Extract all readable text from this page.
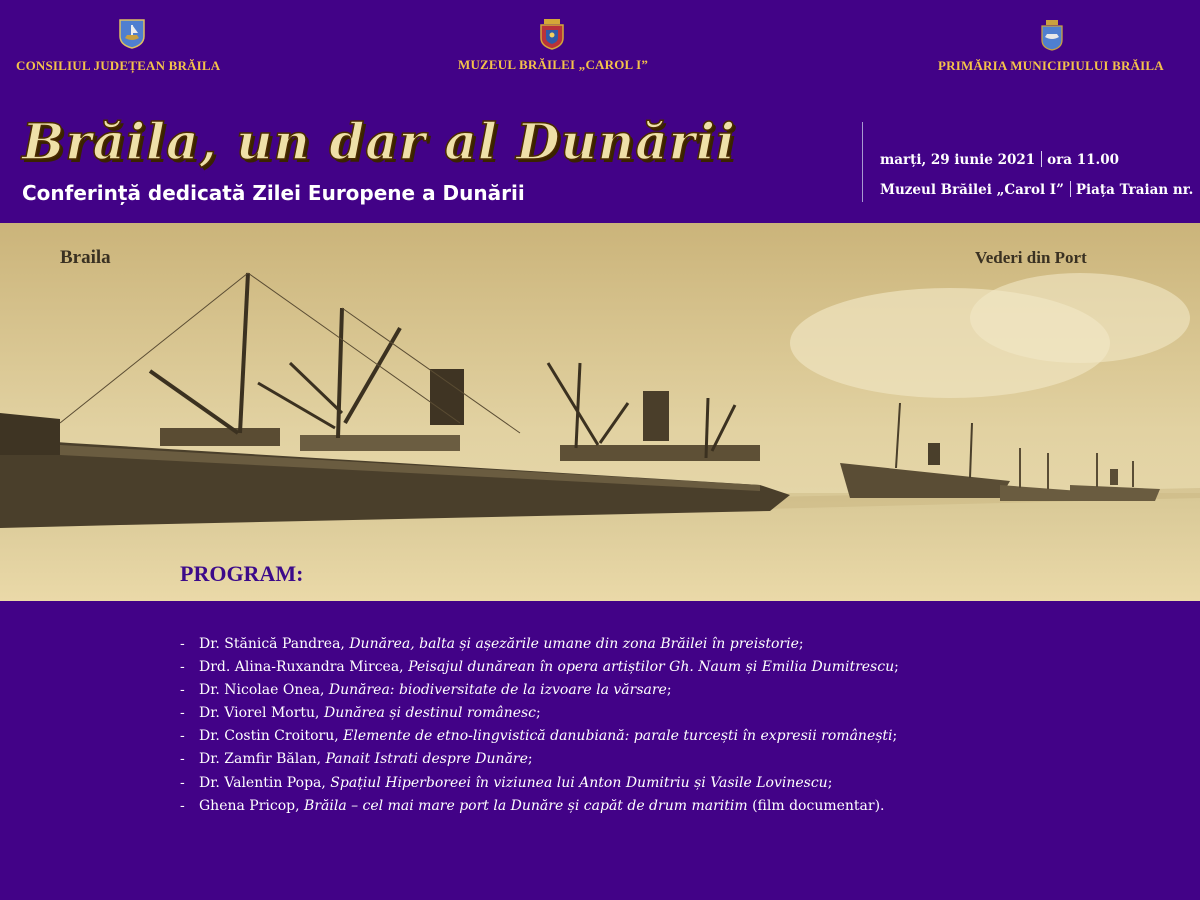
CONSILIUL JUDEȚEAN BRĂILA	MUZEUL BRĂILEI „CAROL I”	PRIMĂRIA MUNICIPIULUI BRĂILA
Brăila, un dar al Dunării
Conferință dedicată Zilei Europene a Dunării
marți, 29 iunie 2021 ora 11.00
Muzeul Brăilei „Carol I” Piața Traian nr.
Braila	Vederi din Port
PROGRAM:
- Dr. Stănică Pandrea, Dunărea, balta și așezările umane din zona Brăilei în preistorie;
- Drd. Alina-Ruxandra Mircea, Peisajul dunărean în opera artiștilor Gh. Naum și Emilia Dumitrescu;
- Dr. Nicolae Onea, Dunărea: biodiversitate de la izvoare la vărsare;
- Dr. Viorel Mortu, Dunărea și destinul românesc;
- Dr. Costin Croitoru, Elemente de etno-lingvistică danubiană: parale turcești în expresii românești;
- Dr. Zamfir Bălan, Panait Istrati despre Dunăre;
- Dr. Valentin Popa, Spațiul Hiperboreei în viziunea lui Anton Dumitriu și Vasile Lovinescu;
- Ghena Pricop, Brăila – cel mai mare port la Dunăre și capăt de drum maritim (film documentar).
